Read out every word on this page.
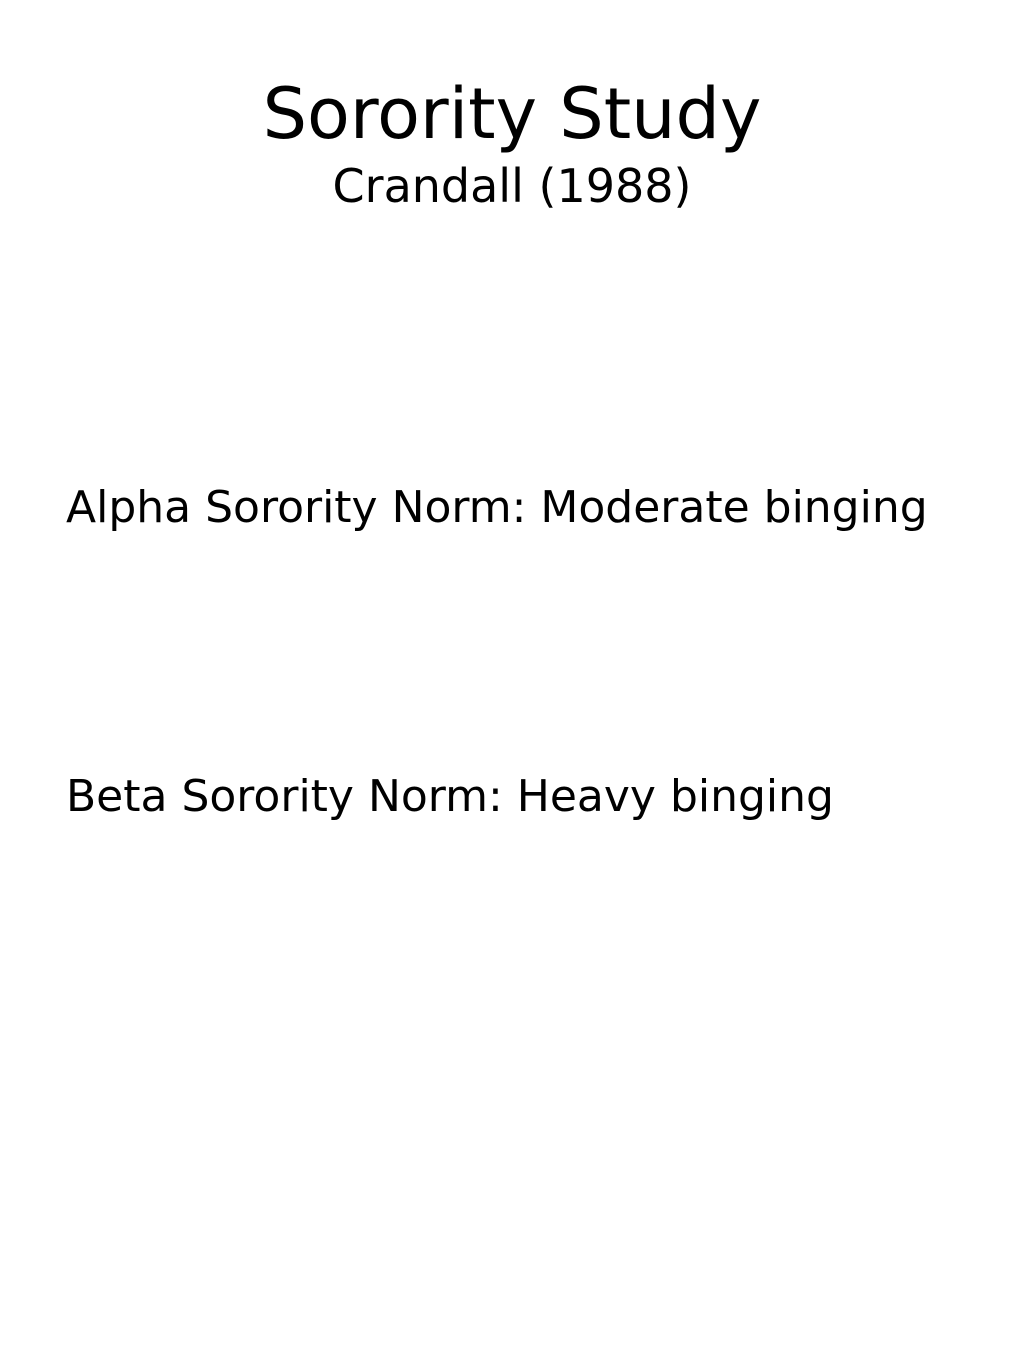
Sorority Study

Crandall (1988)

Alpha Sorority Norm: Moderate binging

Beta Sorority Norm: Heavy binging
